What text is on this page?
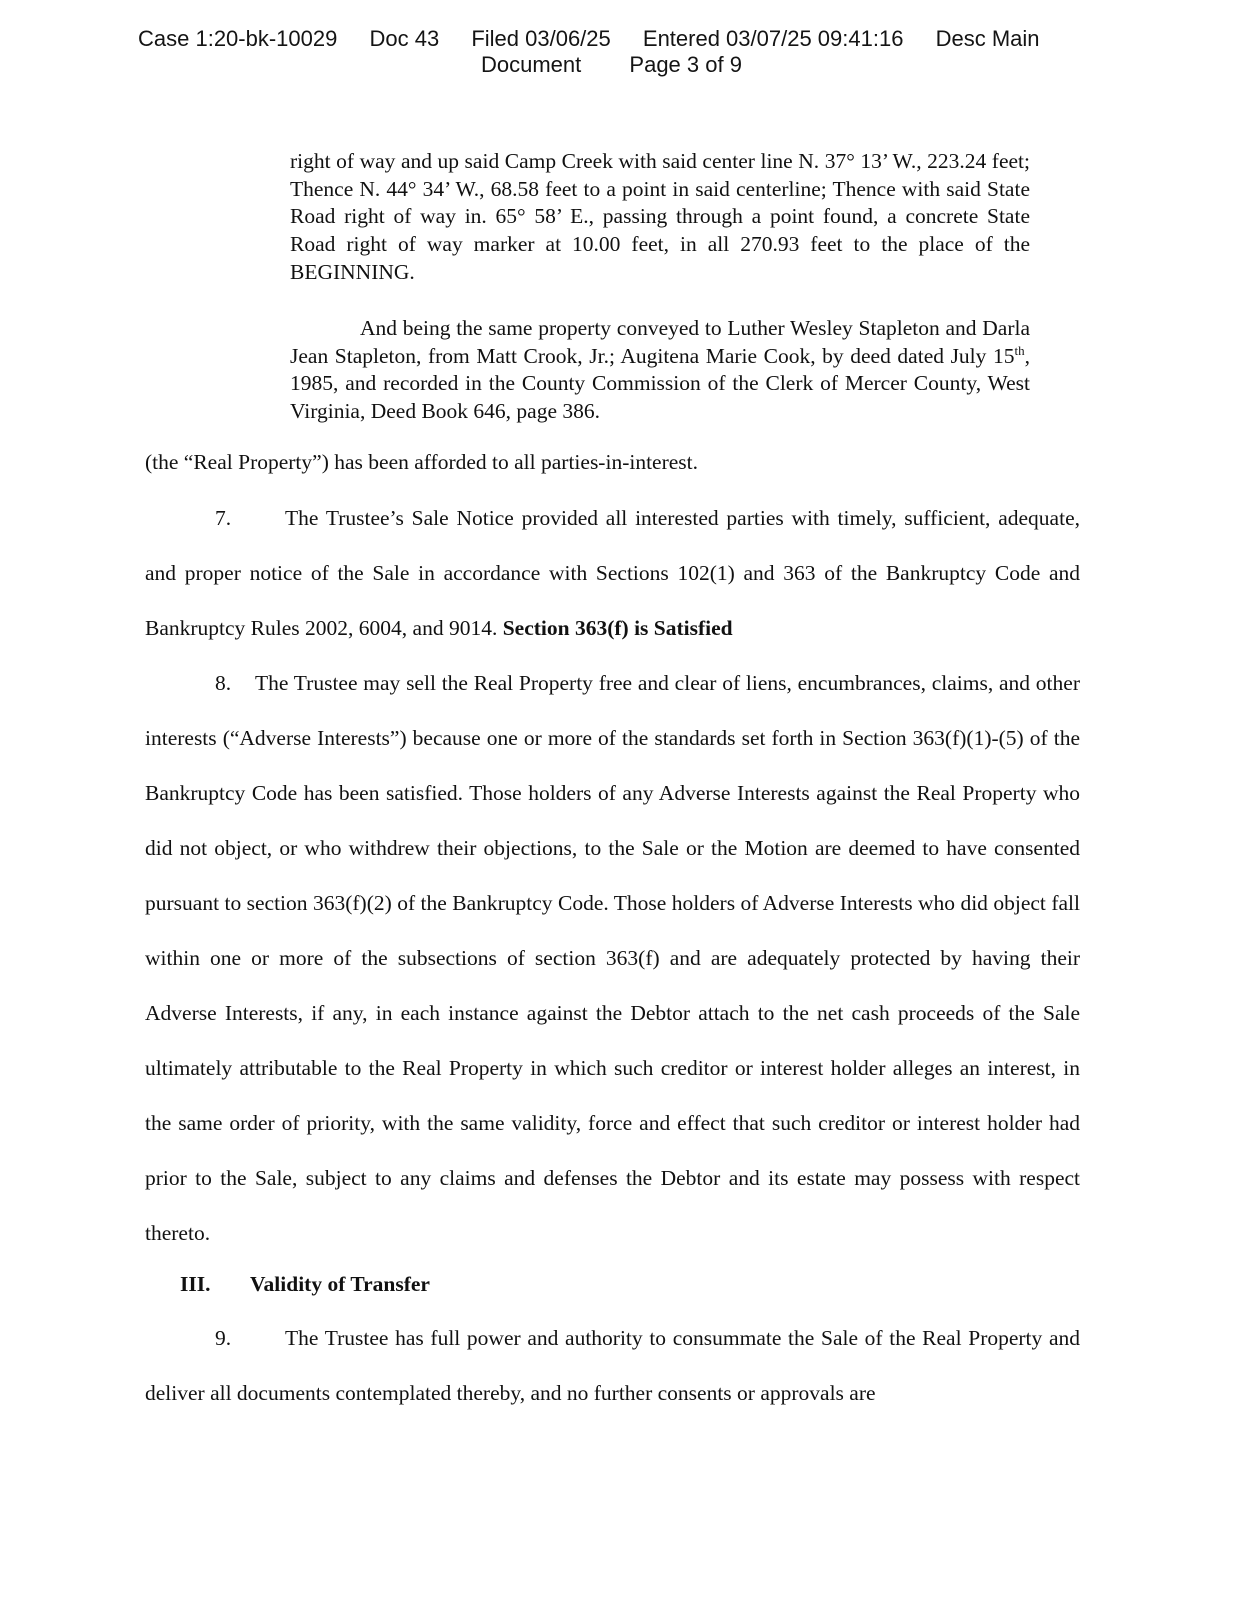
Case 1:20-bk-10029 Doc 43 Filed 03/06/25 Entered 03/07/25 09:41:16 Desc Main
Document Page 3 of 9

right of way and up said Camp Creek with said center line N. 37° 13’ W., 223.24 feet; Thence N. 44° 34’ W., 68.58 feet to a point in said centerline; Thence with said State Road right of way in. 65° 58’ E., passing through a point found, a concrete State Road right of way marker at 10.00 feet, in all 270.93 feet to the place of the BEGINNING.

And being the same property conveyed to Luther Wesley Stapleton and Darla Jean Stapleton, from Matt Crook, Jr.; Augitena Marie Cook, by deed dated July 15th, 1985, and recorded in the County Commission of the Clerk of Mercer County, West Virginia, Deed Book 646, page 386.

(the “Real Property”) has been afforded to all parties-in-interest.

7.	The Trustee’s Sale Notice provided all interested parties with timely, sufficient, adequate, and proper notice of the Sale in accordance with Sections 102(1) and 363 of the Bankruptcy Code and Bankruptcy Rules 2002, 6004, and 9014. Section 363(f) is Satisfied

8. The Trustee may sell the Real Property free and clear of liens, encumbrances, claims, and other interests (“Adverse Interests”) because one or more of the standards set forth in Section 363(f)(1)-(5) of the Bankruptcy Code has been satisfied. Those holders of any Adverse Interests against the Real Property who did not object, or who withdrew their objections, to the Sale or the Motion are deemed to have consented pursuant to section 363(f)(2) of the Bankruptcy Code. Those holders of Adverse Interests who did object fall within one or more of the subsections of section 363(f) and are adequately protected by having their Adverse Interests, if any, in each instance against the Debtor attach to the net cash proceeds of the Sale ultimately attributable to the Real Property in which such creditor or interest holder alleges an interest, in the same order of priority, with the same validity, force and effect that such creditor or interest holder had prior to the Sale, subject to any claims and defenses the Debtor and its estate may possess with respect thereto.

III. Validity of Transfer

9.	The Trustee has full power and authority to consummate the Sale of the Real Property and deliver all documents contemplated thereby, and no further consents or approvals are
